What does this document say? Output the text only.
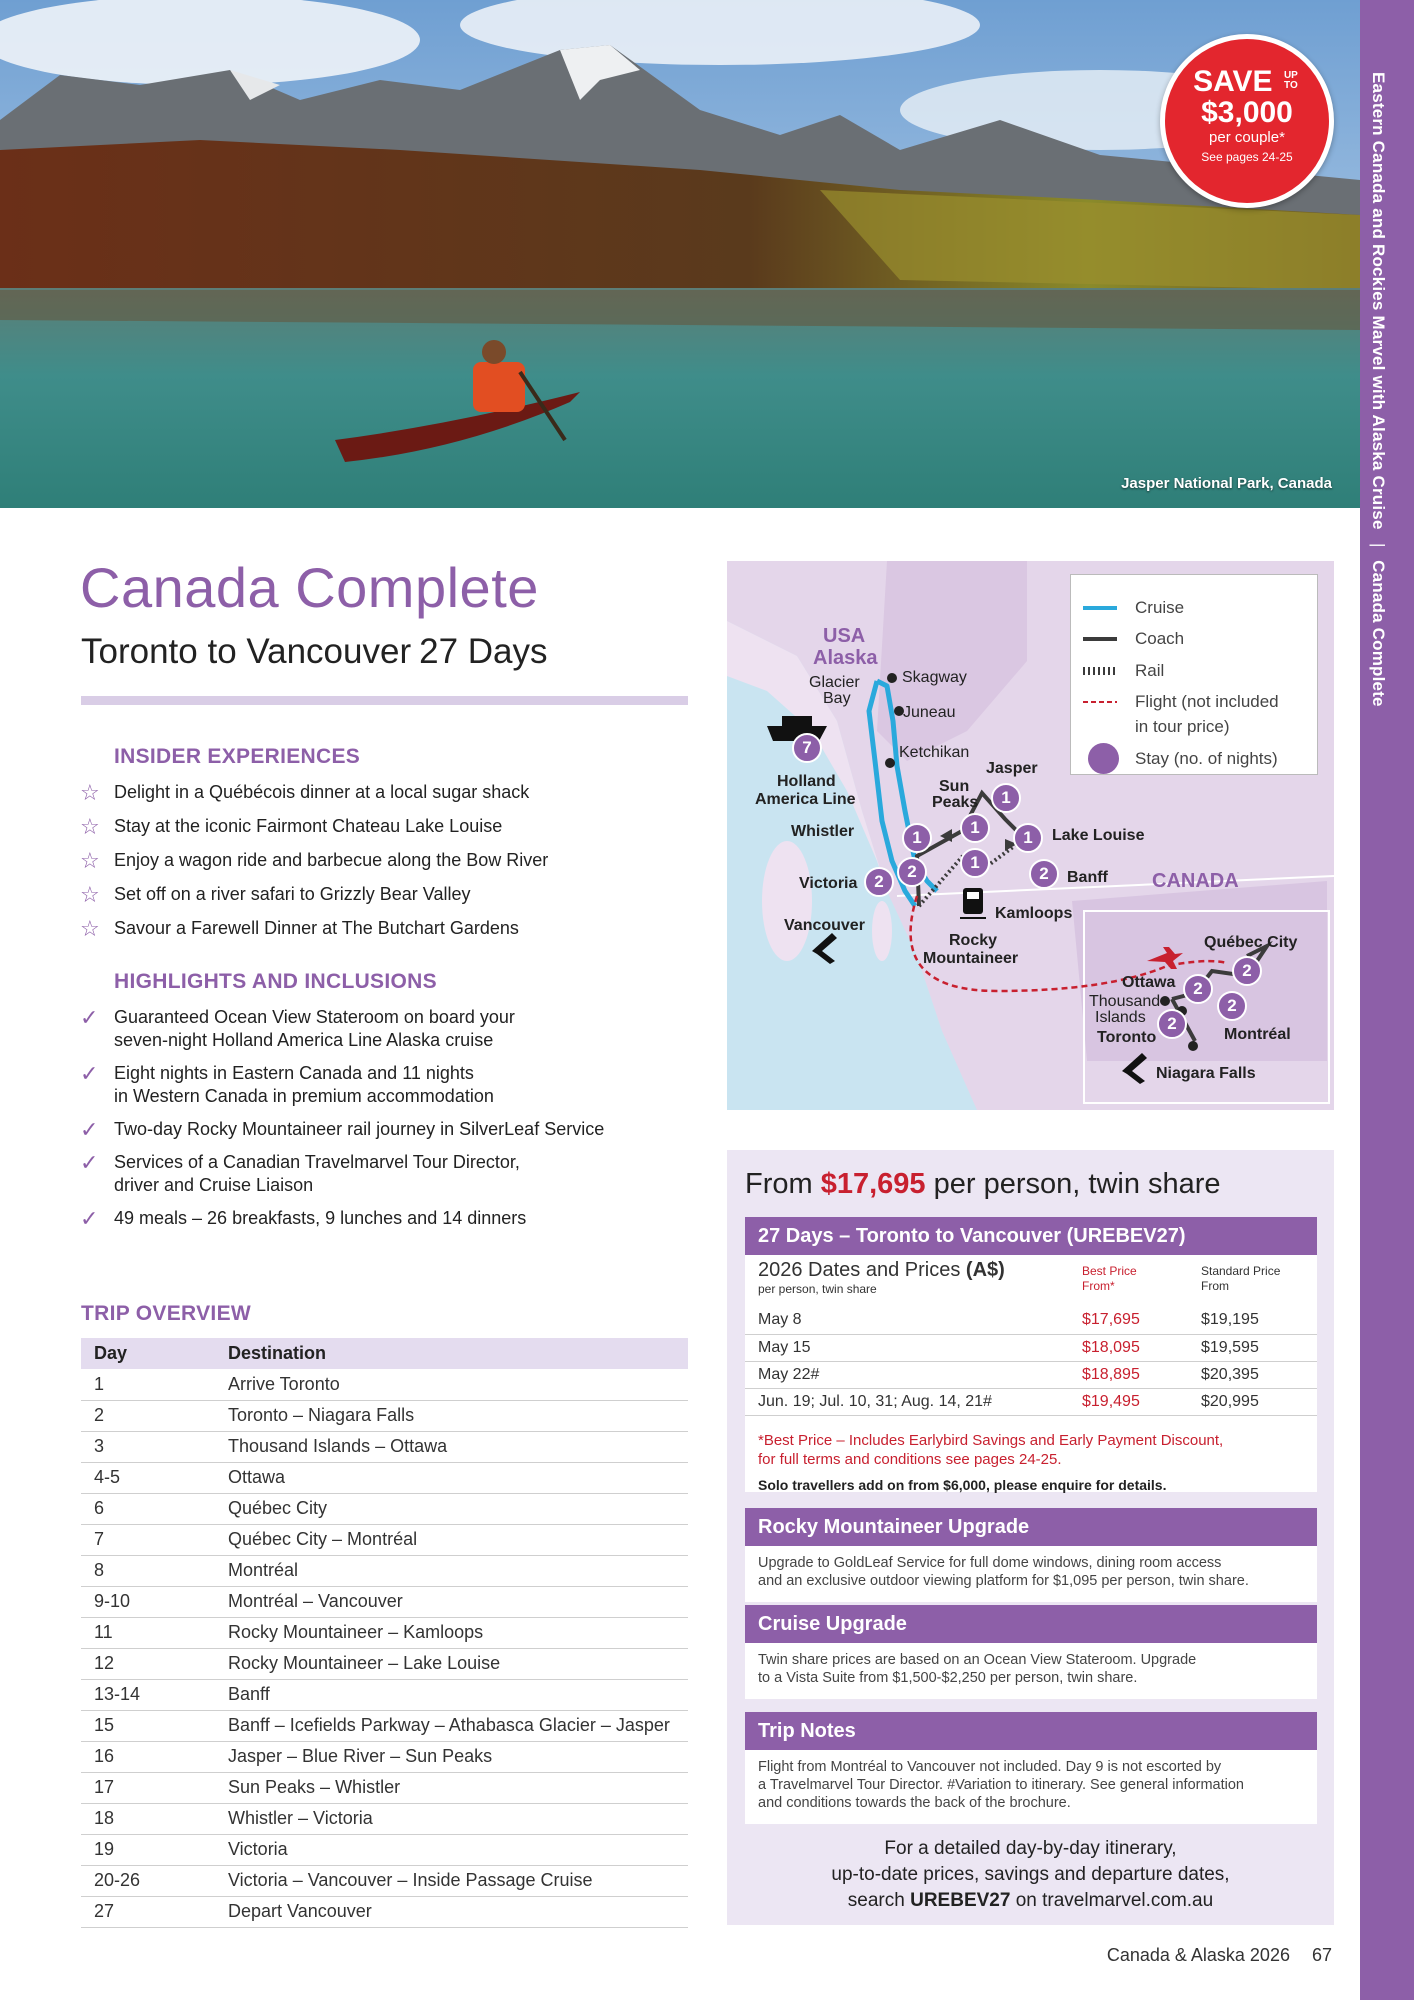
Jasper National Park, Canada
SAVE UP TO
$3,000
per couple*
See pages 24-25	Eastern Canada and Rockies Marvel with Alaska Cruise | Canada Complete
Canada Complete
Toronto to Vancouver 27 Days
INSIDER EXPERIENCES
☆ Delight in a Québécois dinner at a local sugar shack
☆ Stay at the iconic Fairmont Chateau Lake Louise
☆ Enjoy a wagon ride and barbecue along the Bow River
☆ Set off on a river safari to Grizzly Bear Valley
☆ Savour a Farewell Dinner at The Butchart Gardens
HIGHLIGHTS AND INCLUSIONS
✓ Guaranteed Ocean View Stateroom on board your
seven-night Holland America Line Alaska cruise
✓ Eight nights in Eastern Canada and 11 nights
in Western Canada in premium accommodation
✓ Two-day Rocky Mountaineer rail journey in SilverLeaf Service
✓ Services of a Canadian Travelmarvel Tour Director,
driver and Cruise Liaison
✓ 49 meals – 26 breakfasts, 9 lunches and 14 dinners
TRIP OVERVIEW
Day	Destination
1	Arrive Toronto
2	Toronto – Niagara Falls
3	Thousand Islands – Ottawa
4-5	Ottawa
6	Québec City
7	Québec City – Montréal
8	Montréal
9-10	Montréal – Vancouver
11	Rocky Mountaineer – Kamloops
12	Rocky Mountaineer – Lake Louise
13-14	Banff
15	Banff – Icefields Parkway – Athabasca Glacier – Jasper
16	Jasper – Blue River – Sun Peaks
17	Sun Peaks – Whistler
18	Whistler – Victoria
19	Victoria
20-26	Victoria – Vancouver – Inside Passage Cruise
27	Depart Vancouver
Cruise
Coach
Rail
Flight (not included
in tour price)
Stay (no. of nights)
USA
Alaska
CANADA
Glacier
Bay
Skagway
Juneau
Ketchikan
Holland
America Line
Sun
Peaks
Jasper
Whistler	Lake Louise
Victoria	Banff
Vancouver
Kamloops
Rocky
Mountaineer
Québec City
Ottawa
Thousand
Islands
Montréal
Toronto
Niagara Falls
7
1
1
1	1
1
2
2
2
2
2
2
2
From $17,695 per person, twin share
27 Days – Toronto to Vancouver (UREBEV27)
2026 Dates and Prices (A$)
per person, twin share
Best Price
From*
Standard Price
From
May 8	$17,695	$19,195
May 15	$18,095	$19,595
May 22#	$18,895	$20,395
Jun. 19; Jul. 10, 31; Aug. 14, 21#	$19,495	$20,995
*Best Price – Includes Earlybird Savings and Early Payment Discount,
for full terms and conditions see pages 24-25.
Solo travellers add on from $6,000, please enquire for details.
Rocky Mountaineer Upgrade
Upgrade to GoldLeaf Service for full dome windows, dining room access
and an exclusive outdoor viewing platform for $1,095 per person, twin share.
Cruise Upgrade
Twin share prices are based on an Ocean View Stateroom. Upgrade
to a Vista Suite from $1,500-$2,250 per person, twin share.
Trip Notes
Flight from Montréal to Vancouver not included. Day 9 is not escorted by
a Travelmarvel Tour Director. #Variation to itinerary. See general information
and conditions towards the back of the brochure.
For a detailed day-by-day itinerary,
up-to-date prices, savings and departure dates,
search UREBEV27 on travelmarvel.com.au
Canada & Alaska 2026 67
